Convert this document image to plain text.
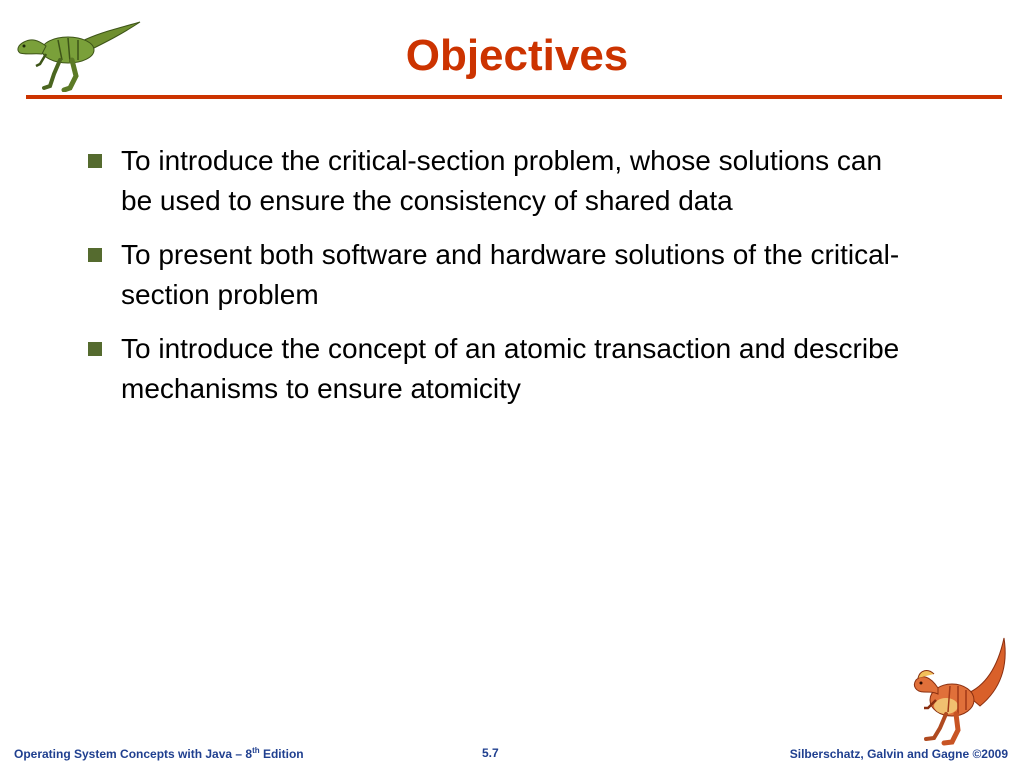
Objectives
To introduce the critical-section problem, whose solutions can be used to ensure the consistency of shared data
To present both software and hardware solutions of the critical-section problem
To introduce the concept of an atomic transaction and describe mechanisms to ensure atomicity
Operating System Concepts with Java – 8th Edition	5.7	Silberschatz, Galvin and Gagne ©2009
